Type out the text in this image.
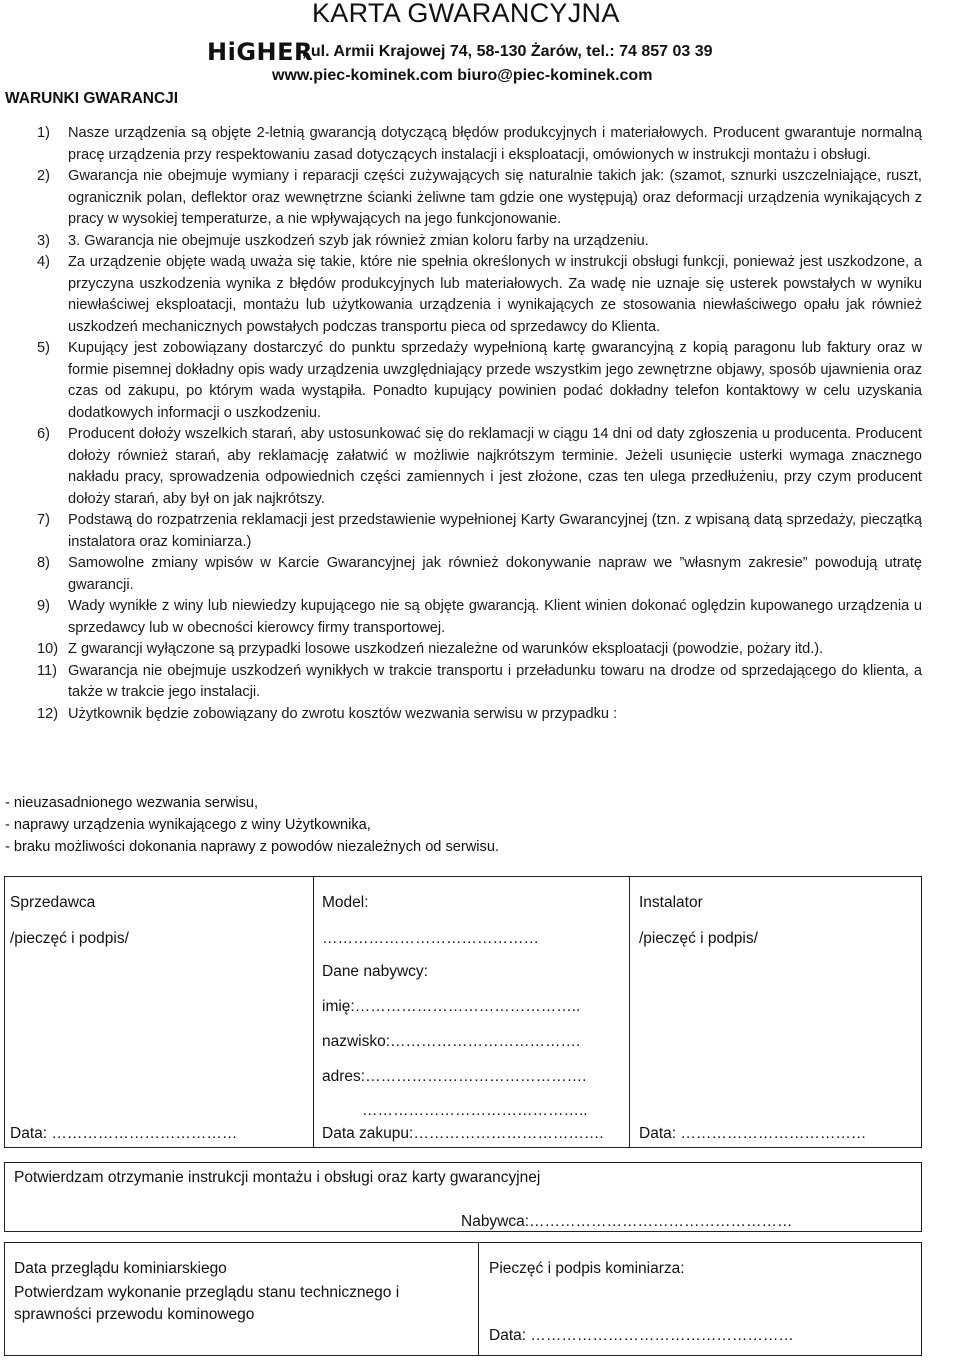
KARTA GWARANCYJNA
HiGHER
, ul. Armii Krajowej 74, 58-130 Żarów, tel.: 74 857 03 39
www.piec-kominek.com biuro@piec-kominek.com
WARUNKI GWARANCJI
1) Nasze urządzenia są objęte 2-letnią gwarancją dotyczącą błędów produkcyjnych i materiałowych. Producent gwarantuje normalną pracę urządzenia przy respektowaniu zasad dotyczących instalacji i eksploatacji, omówionych w instrukcji montażu i obsługi.
2) Gwarancja nie obejmuje wymiany i reparacji części zużywających się naturalnie takich jak: (szamot, sznurki uszczelniające, ruszt, ogranicznik polan, deflektor oraz wewnętrzne ścianki żeliwne tam gdzie one występują) oraz deformacji urządzenia wynikających z pracy w wysokiej temperaturze, a nie wpływających na jego funkcjonowanie.
3) 3. Gwarancja nie obejmuje uszkodzeń szyb jak również zmian koloru farby na urządzeniu.
4) Za urządzenie objęte wadą uważa się takie, które nie spełnia określonych w instrukcji obsługi funkcji, ponieważ jest uszkodzone, a przyczyna uszkodzenia wynika z błędów produkcyjnych lub materiałowych. Za wadę nie uznaje się usterek powstałych w wyniku niewłaściwej eksploatacji, montażu lub użytkowania urządzenia i wynikających ze stosowania niewłaściwego opału jak również uszkodzeń mechanicznych powstałych podczas transportu pieca od sprzedawcy do Klienta.
5) Kupujący jest zobowiązany dostarczyć do punktu sprzedaży wypełnioną kartę gwarancyjną z kopią paragonu lub faktury oraz w formie pisemnej dokładny opis wady urządzenia uwzględniający przede wszystkim jego zewnętrzne objawy, sposób ujawnienia oraz czas od zakupu, po którym wada wystąpiła. Ponadto kupujący powinien podać dokładny telefon kontaktowy w celu uzyskania dodatkowych informacji o uszkodzeniu.
6) Producent dołoży wszelkich starań, aby ustosunkować się do reklamacji w ciągu 14 dni od daty zgłoszenia u producenta. Producent dołoży również starań, aby reklamację załatwić w możliwie najkrótszym terminie. Jeżeli usunięcie usterki wymaga znacznego nakładu pracy, sprowadzenia odpowiednich części zamiennych i jest złożone, czas ten ulega przedłużeniu, przy czym producent dołoży starań, aby był on jak najkrótszy.
7) Podstawą do rozpatrzenia reklamacji jest przedstawienie wypełnionej Karty Gwarancyjnej (tzn. z wpisaną datą sprzedaży, pieczątką instalatora oraz kominiarza.)
8) Samowolne zmiany wpisów w Karcie Gwarancyjnej jak również dokonywanie napraw we ”własnym zakresie” powodują utratę gwarancji.
9) Wady wynikłe z winy lub niewiedzy kupującego nie są objęte gwarancją. Klient winien dokonać oględzin kupowanego urządzenia u sprzedawcy lub w obecności kierowcy firmy transportowej.
10) Z gwarancji wyłączone są przypadki losowe uszkodzeń niezależne od warunków eksploatacji (powodzie, pożary itd.).
11) Gwarancja nie obejmuje uszkodzeń wynikłych w trakcie transportu i przeładunku towaru na drodze od sprzedającego do klienta, a także w trakcie jego instalacji.
12) Użytkownik będzie zobowiązany do zwrotu kosztów wezwania serwisu w przypadku :
- nieuzasadnionego wezwania serwisu,
- naprawy urządzenia wynikającego z winy Użytkownika,
- braku możliwości dokonania naprawy z powodów niezależnych od serwisu.
Sprzedawca
/pieczęć i podpis/
Data: ………………………………
Model:
……………………………………
Dane nabywcy:
imię:……………………………………..
nazwisko:……………………………….
adres:…………………………………….
……………………………………..
Data zakupu:……………………………….
Instalator
/pieczęć i podpis/
Data: ………………………………
Potwierdzam otrzymanie instrukcji montażu i obsługi oraz karty gwarancyjnej
Nabywca:……………………………………………
Data przeglądu kominiarskiego
Potwierdzam wykonanie przeglądu stanu technicznego i sprawności przewodu kominowego
Pieczęć i podpis kominiarza:
Data: ……………………………………………
